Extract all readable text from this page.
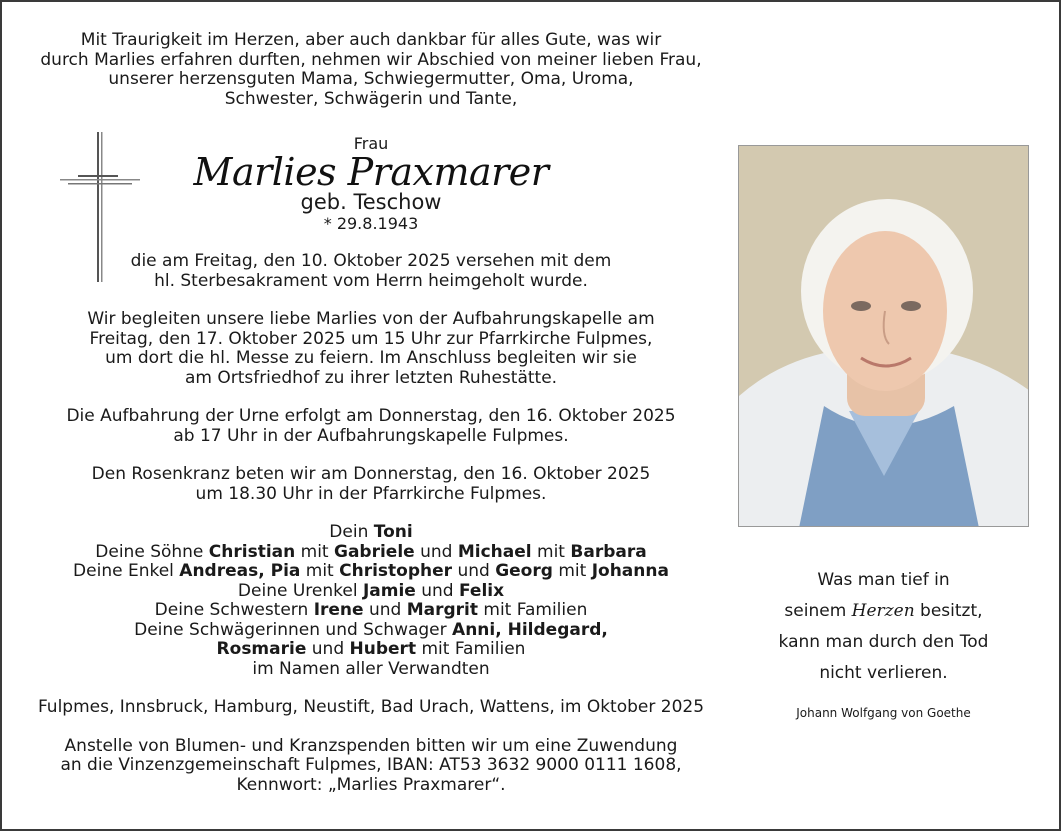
Mit Traurigkeit im Herzen, aber auch dankbar für alles Gute, was wir
durch Marlies erfahren durften, nehmen wir Abschied von meiner lieben Frau,
unserer herzensguten Mama, Schwiegermutter, Oma, Uroma,
Schwester, Schwägerin und Tante,

Frau

Marlies Praxmarer

geb. Teschow

* 29.8.1943

die am Freitag, den 10. Oktober 2025 versehen mit dem
hl. Sterbesakrament vom Herrn heimgeholt wurde.

Wir begleiten unsere liebe Marlies von der Aufbahrungskapelle am
Freitag, den 17. Oktober 2025 um 15 Uhr zur Pfarrkirche Fulpmes,
um dort die hl. Messe zu feiern. Im Anschluss begleiten wir sie
am Ortsfriedhof zu ihrer letzten Ruhestätte.

Die Aufbahrung der Urne erfolgt am Donnerstag, den 16. Oktober 2025
ab 17 Uhr in der Aufbahrungskapelle Fulpmes.

Den Rosenkranz beten wir am Donnerstag, den 16. Oktober 2025
um 18.30 Uhr in der Pfarrkirche Fulpmes.

Dein Toni
Deine Söhne Christian mit Gabriele und Michael mit Barbara
Deine Enkel Andreas, Pia mit Christopher und Georg mit Johanna
Deine Urenkel Jamie und Felix
Deine Schwestern Irene und Margrit mit Familien
Deine Schwägerinnen und Schwager Anni, Hildegard,
Rosmarie und Hubert mit Familien
im Namen aller Verwandten

Fulpmes, Innsbruck, Hamburg, Neustift, Bad Urach, Wattens, im Oktober 2025

Anstelle von Blumen- und Kranzspenden bitten wir um eine Zuwendung
an die Vinzenzgemeinschaft Fulpmes, IBAN: AT53 3632 9000 0111 1608,
Kennwort: „Marlies Praxmarer“.

Was man tief in

seinem Herzen besitzt,

kann man durch den Tod

nicht verlieren.

Johann Wolfgang von Goethe
